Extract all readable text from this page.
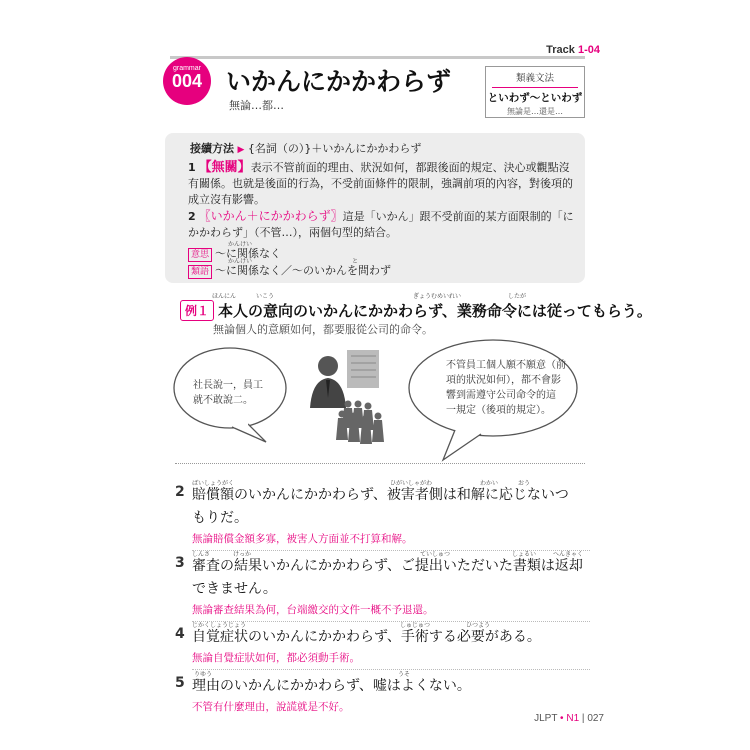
Track 1-04
grammar
004 いかんにかかわらず
無論…都…
類義文法
といわず〜といわず
無論是…還是…
接續方法 ▶ {名詞（の）}＋いかんにかかわらず
1 【無關】表示不管前面的理由、狀況如何，都跟後面的規定、決心或觀點沒有關係。也就是後面的行為，不受前面條件的限制，強調前項的內容，對後項的成立沒有影響。
2 〖いかん＋にかかわらず〗這是「いかん」跟不受前面的某方面限制的「にかかわらず」（不管…），兩個句型的結合。
かんけい
意思 〜に関係なく
かんけい	と
類語 〜に関係なく／〜のいかんを問わず
ほんにん	いこう	ぎょうむめいれい	したが
例１ 本人の意向のいかんにかかわらず、業務命令には従ってもらう。
無論個人的意願如何，都要服從公司的命令。
社長說一，員工
就不敢說二。
不管員工個人願不願意（前
項的狀況如何），都不會影
響到需遵守公司命令的這
一規定（後項的規定）。
ばいしょうがく	ひがいしゃがわ	わかい	おう
2 賠償額のいかんにかかわらず、被害者側は和解に応じないつ
もりだ。
無論賠償金額多寡，被害人方面並不打算和解。
しんさ	けっか	ていしゅつ	しょるい	へんきゃく
3 審査の結果いかんにかかわらず、ご提出いただいた書類は返却
できません。
無論審查結果為何，台端繳交的文件一概不予退還。
じかくしょうじょう	しゅじゅつ	ひつよう
4 自覚症状のいかんにかかわらず、手術する必要がある。
無論自覺症狀如何，都必須動手術。
りゆう	うそ
5 理由のいかんにかかわらず、嘘はよくない。
不管有什麼理由，說謊就是不好。
JLPT • N1 | 027
